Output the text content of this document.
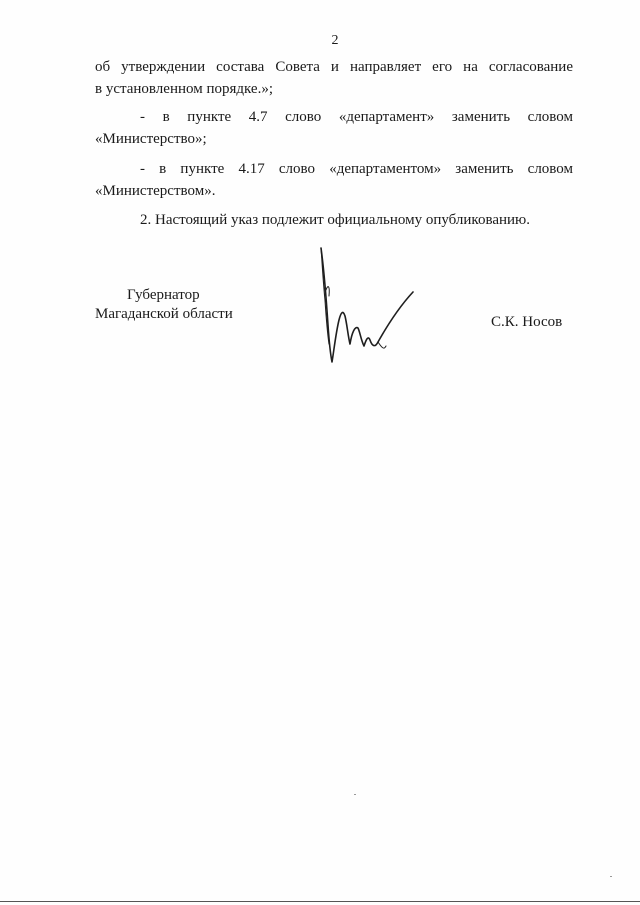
2
об утверждении состава Совета и направляет его на согласование
в установленном порядке.»;
- в пункте 4.7 слово «департамент» заменить словом
«Министерство»;
- в пункте 4.17 слово «департаментом» заменить словом
«Министерством».
2. Настоящий указ подлежит официальному опубликованию.
Губернатор
Магаданской области	С.К. Носов
